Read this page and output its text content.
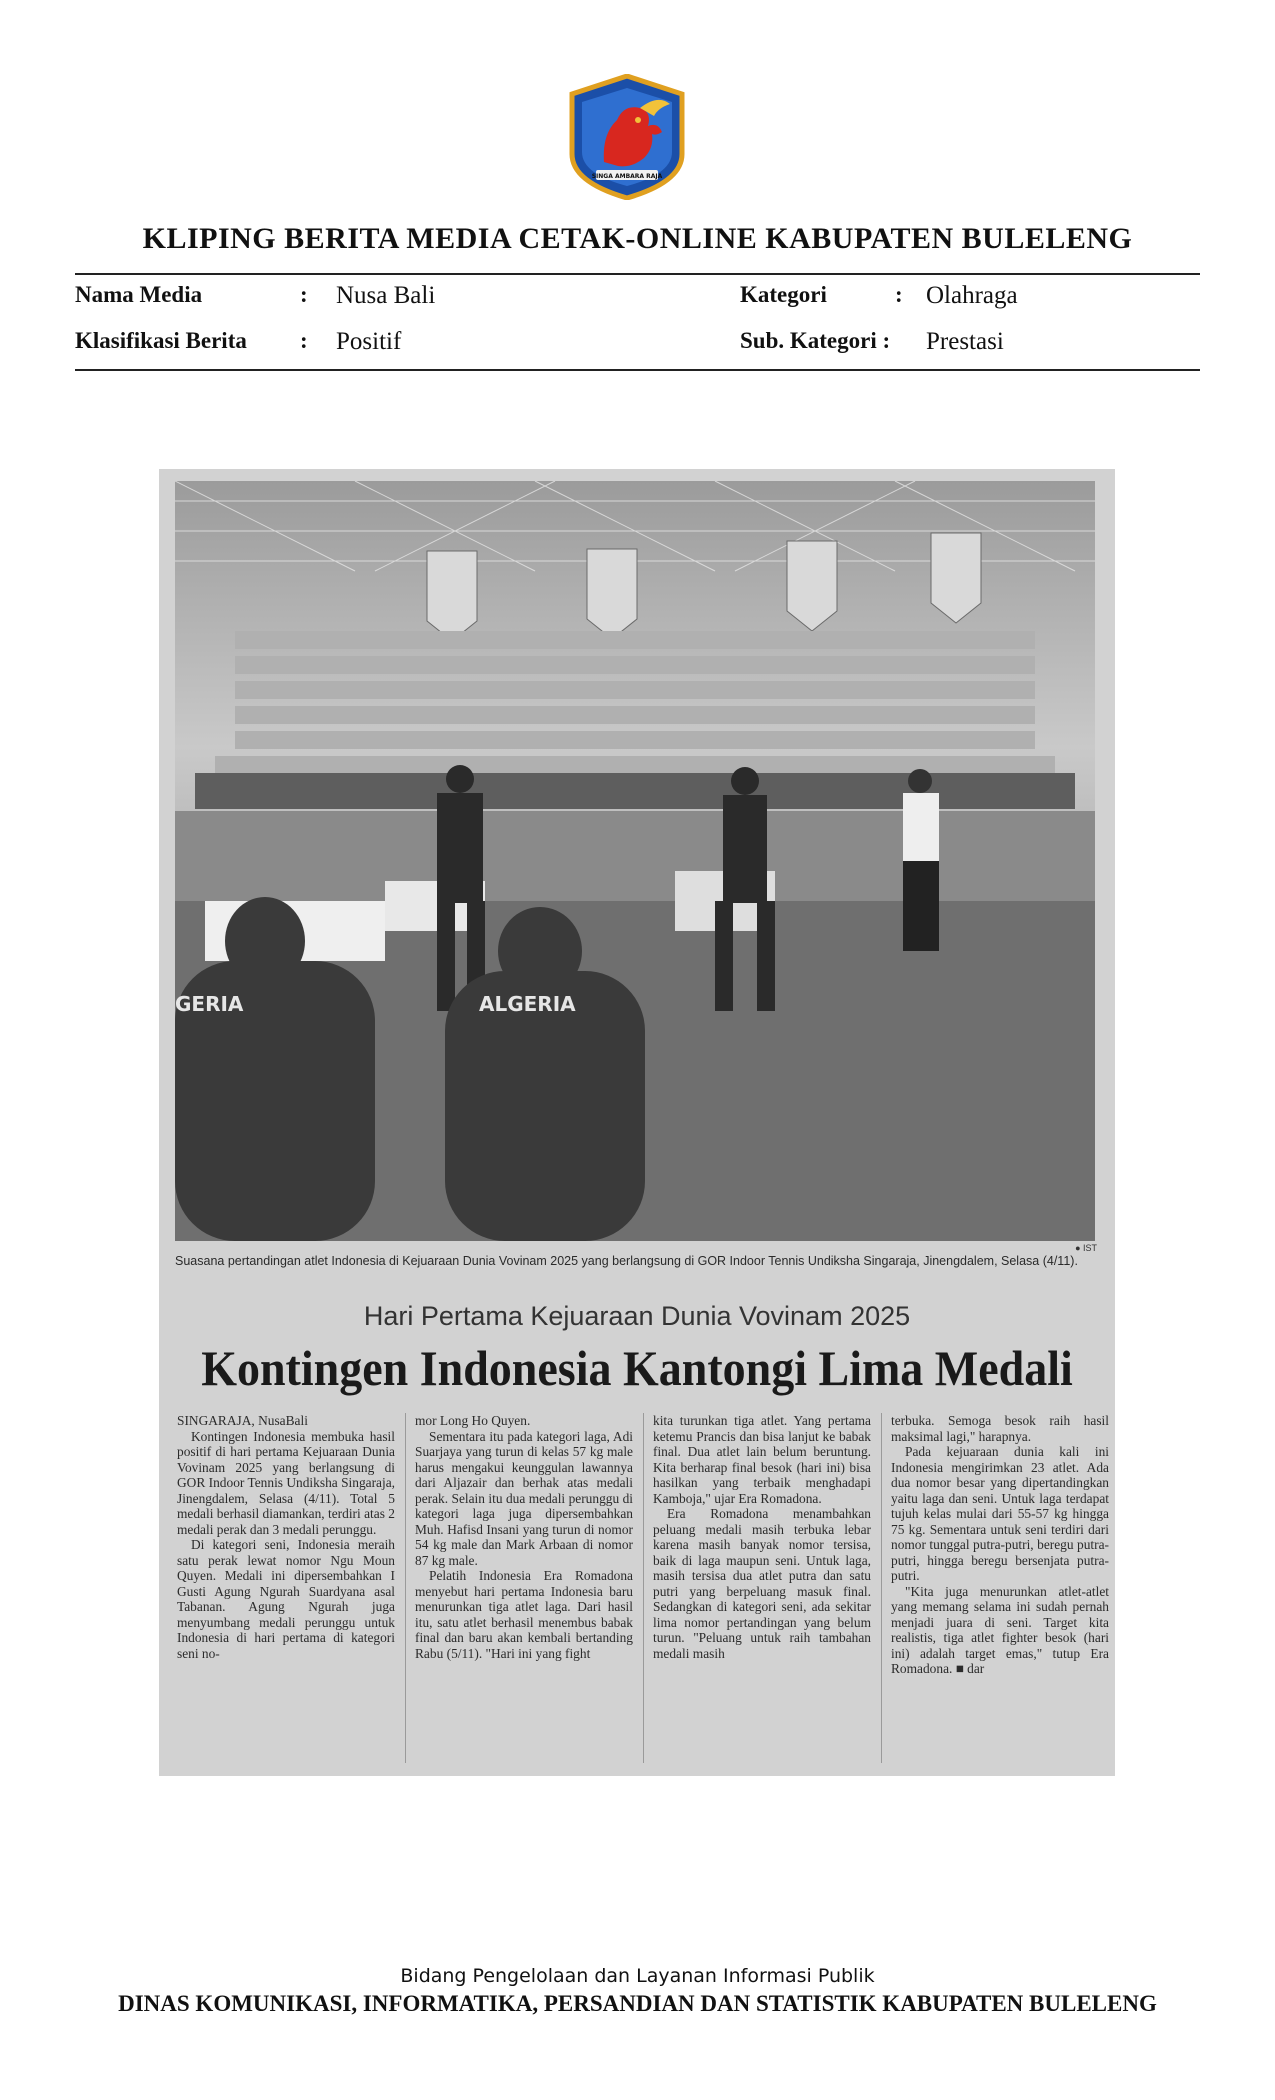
SINGA AMBARA RAJA
KLIPING BERITA MEDIA CETAK-ONLINE KABUPATEN BULELENG
Nama Media	: Nusa Bali	Kategori	: Olahraga
Klasifikasi Berita : Positif	Sub. Kategori : Prestasi
GERIA	ALGERIA
● IST
Suasana pertandingan atlet Indonesia di Kejuaraan Dunia Vovinam 2025 yang berlangsung di GOR Indoor Tennis Undiksha Singaraja, Jinengdalem, Selasa (4/11).
Hari Pertama Kejuaraan Dunia Vovinam 2025
Kontingen Indonesia Kantongi Lima Medali

SINGARAJA, NusaBali

Kontingen Indonesia membuka hasil positif di hari pertama Kejuaraan Dunia Vovinam 2025 yang berlangsung di GOR Indoor Tennis Undiksha Singaraja, Jinengdalem, Selasa (4/11). Total 5 medali berhasil diamankan, terdiri atas 2 medali perak dan 3 medali perunggu.

Di kategori seni, Indonesia meraih satu perak lewat nomor Ngu Moun Quyen. Medali ini dipersembahkan I Gusti Agung Ngurah Suardyana asal Tabanan. Agung Ngurah juga menyumbang medali perunggu untuk Indonesia di hari pertama di kategori seni no-

mor Long Ho Quyen.

Sementara itu pada kategori laga, Adi Suarjaya yang turun di kelas 57 kg male harus mengakui keunggulan lawannya dari Aljazair dan berhak atas medali perak. Selain itu dua medali perunggu di kategori laga juga dipersembahkan Muh. Hafisd Insani yang turun di nomor 54 kg male dan Mark Arbaan di nomor 87 kg male.

Pelatih Indonesia Era Romadona menyebut hari pertama Indonesia baru menurunkan tiga atlet laga. Dari hasil itu, satu atlet berhasil menembus babak final dan baru akan kembali bertanding Rabu (5/11). "Hari ini yang fight

kita turunkan tiga atlet. Yang pertama ketemu Prancis dan bisa lanjut ke babak final. Dua atlet lain belum beruntung. Kita berharap final besok (hari ini) bisa hasilkan yang terbaik menghadapi Kamboja," ujar Era Romadona.

Era Romadona menambahkan peluang medali masih terbuka lebar karena masih banyak nomor tersisa, baik di laga maupun seni. Untuk laga, masih tersisa dua atlet putra dan satu putri yang berpeluang masuk final. Sedangkan di kategori seni, ada sekitar lima nomor pertandingan yang belum turun. "Peluang untuk raih tambahan medali masih

terbuka. Semoga besok raih hasil maksimal lagi," harapnya.

Pada kejuaraan dunia kali ini Indonesia mengirimkan 23 atlet. Ada dua nomor besar yang dipertandingkan yaitu laga dan seni. Untuk laga terdapat tujuh kelas mulai dari 55-57 kg hingga 75 kg. Sementara untuk seni terdiri dari nomor tunggal putra-putri, beregu putra-putri, hingga beregu bersenjata putra-putri.

"Kita juga menurunkan atlet-atlet yang memang selama ini sudah pernah menjadi juara di seni. Target kita realistis, tiga atlet fighter besok (hari ini) adalah target emas," tutup Era Romadona. ■ dar

Bidang Pengelolaan dan Layanan Informasi Publik
DINAS KOMUNIKASI, INFORMATIKA, PERSANDIAN DAN STATISTIK KABUPATEN BULELENG
